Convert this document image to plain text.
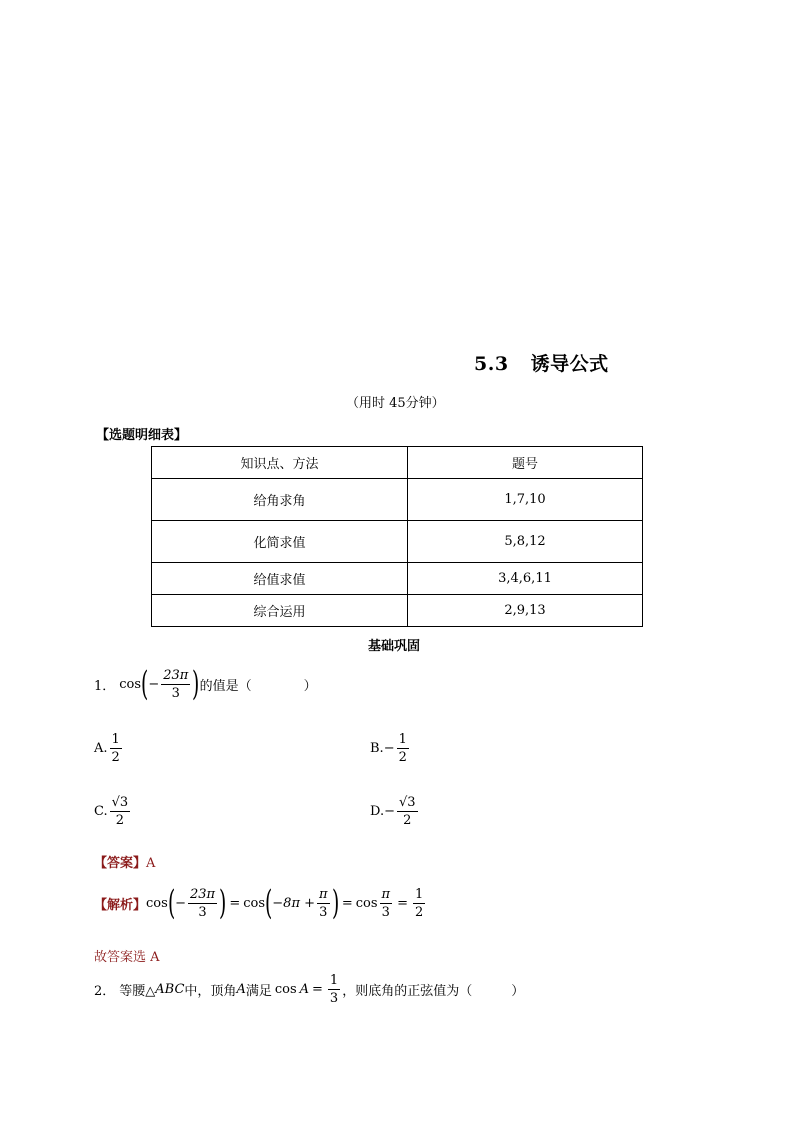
5.3 诱导公式
（用时 45分钟）
【选题明细表】
知识点、方法	题号
给角求角	1,7,10
化简求值	5,8,12
给值求值	3,4,6,11
综合运用	2,9,13
基础巩固
1． cos ( − $\frac{23\pi}{3}$ ) 的值是（　　　　）
A. $\frac{1}{2}$	B. − $\frac{1}{2}$
C. $\frac{√3}{2}$	D. − $\frac{√3}{2}$
【答案】A
【解析】 cos ( − $\frac{23\pi}{3}$ ) = cos ( $-8\pi + \frac{\pi}{3}$ ) = $\cos \frac{\pi}{3} = \frac{1}{2}$
故答案选 A
2． 等腰△ ABC 中，顶角 A 满足 $\cos A = \frac{1}{3}$ ，则底角的正弦值为（　　　）
